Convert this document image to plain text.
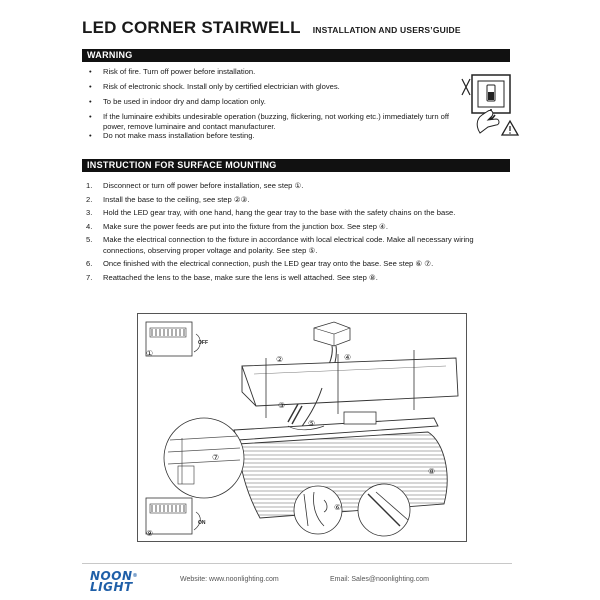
LED CORNER STAIRWELL INSTALLATION AND USERS’GUIDE
WARNING
• Risk of fire. Turn off power before installation.
• Risk of electronic shock. Install only by certified electrician with gloves.
• To be used in indoor dry and damp location only.
• If the luminaire exhibits undesirable operation (buzzing, flickering, not working etc.) immediately turn off power, remove luminaire and contact manufacturer.
• Do not make mass installation before testing.
INSTRUCTION FOR SURFACE MOUNTING
1. Disconnect or turn off power before installation, see step ①.
2. Install the base to the ceiling, see step ②③.
3. Hold the LED gear tray, with one hand, hang the gear tray to the base with the safety chains on the base.
4. Make sure the power feeds are put into the fixture from the junction box. See step ④.
5. Make the electrical connection to the fixture in accordance with local electrical code. Make all necessary wiring connections, observing proper voltage and polarity. See step ⑤.
6. Once finished with the electrical connection, push the LED gear tray onto the base. See step ⑥ ⑦.
7. Reattached the lens to the base, make sure the lens is well attached. See step ⑧.
OFF
①	④
②
③
⑤
⑧
⑦
⑥
ON
⑨
NOON®
LIGHT
Website: www.noonlighting.com	Email: Sales@noonlighting.com
